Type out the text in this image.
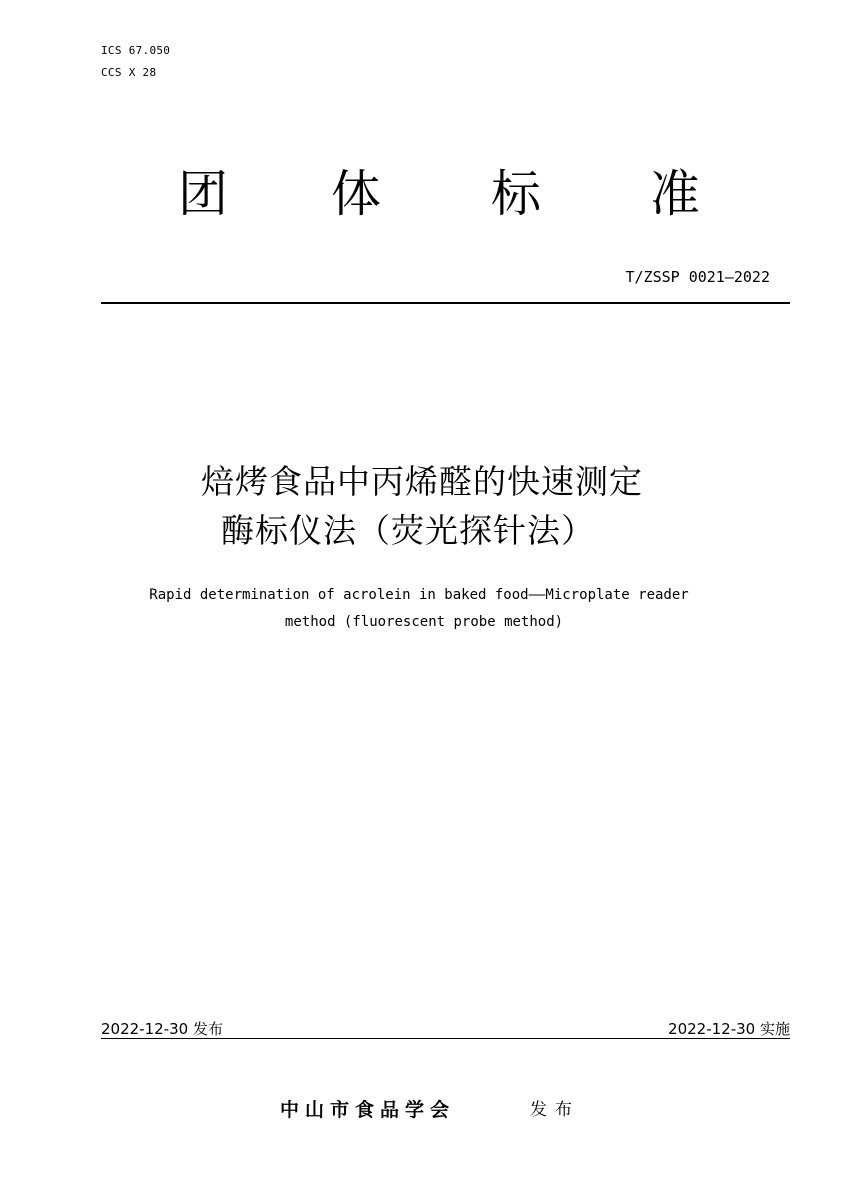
ICS 67.050
CCS X 28
团 体 标 准
T/ZSSP 0021—2022
焙烤食品中丙烯醛的快速测定
酶标仪法（荧光探针法）
Rapid determination of acrolein in baked food——Microplate reader
method (fluorescent probe method)
2022-12-30 发布	2022-12-30 实施
中山市食品学会	发布
